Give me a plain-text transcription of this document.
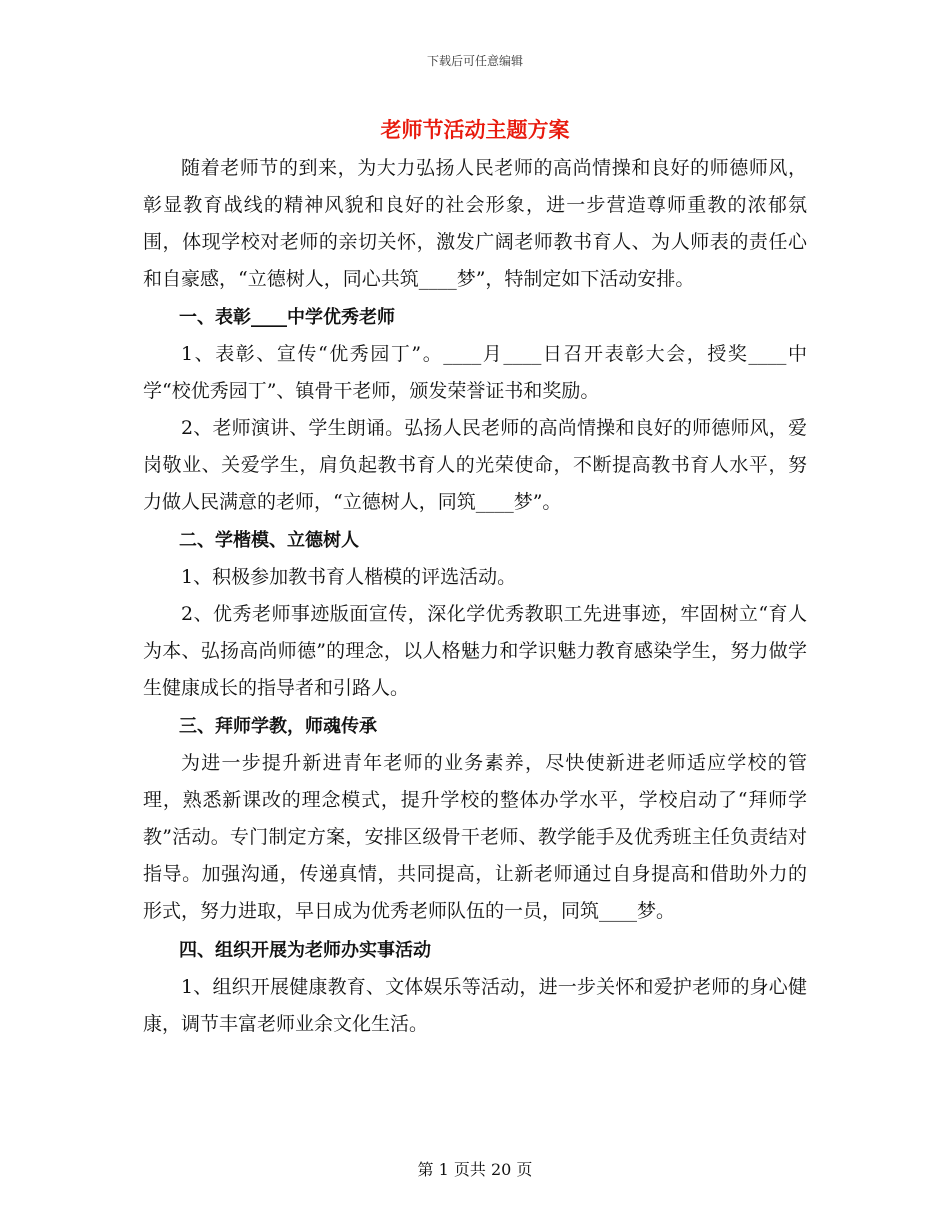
下载后可任意编辑
老师节活动主题方案

随着老师节的到来，为大力弘扬人民老师的高尚情操和良好的师德师风，彰显教育战线的精神风貌和良好的社会形象，进一步营造尊师重教的浓郁氛围，体现学校对老师的亲切关怀，激发广阔老师教书育人、为人师表的责任心和自豪感，“立德树人，同心共筑____梦”，特制定如下活动安排。

一、表彰____中学优秀老师

1、表彰、宣传“优秀园丁”。____月____日召开表彰大会，授奖____中学“校优秀园丁”、镇骨干老师，颁发荣誉证书和奖励。

2、老师演讲、学生朗诵。弘扬人民老师的高尚情操和良好的师德师风，爱岗敬业、关爱学生，肩负起教书育人的光荣使命，不断提高教书育人水平，努力做人民满意的老师，“立德树人，同筑____梦”。

二、学楷模、立德树人

1、积极参加教书育人楷模的评选活动。

2、优秀老师事迹版面宣传，深化学优秀教职工先进事迹，牢固树立“育人为本、弘扬高尚师德”的理念，以人格魅力和学识魅力教育感染学生，努力做学生健康成长的指导者和引路人。

三、拜师学教，师魂传承

为进一步提升新进青年老师的业务素养，尽快使新进老师适应学校的管理，熟悉新课改的理念模式，提升学校的整体办学水平，学校启动了“拜师学教”活动。专门制定方案，安排区级骨干老师、教学能手及优秀班主任负责结对指导。加强沟通，传递真情，共同提高，让新老师通过自身提高和借助外力的形式，努力进取，早日成为优秀老师队伍的一员，同筑____梦。

四、组织开展为老师办实事活动

1、组织开展健康教育、文体娱乐等活动，进一步关怀和爱护老师的身心健康，调节丰富老师业余文化生活。

第 1 页共 20 页
